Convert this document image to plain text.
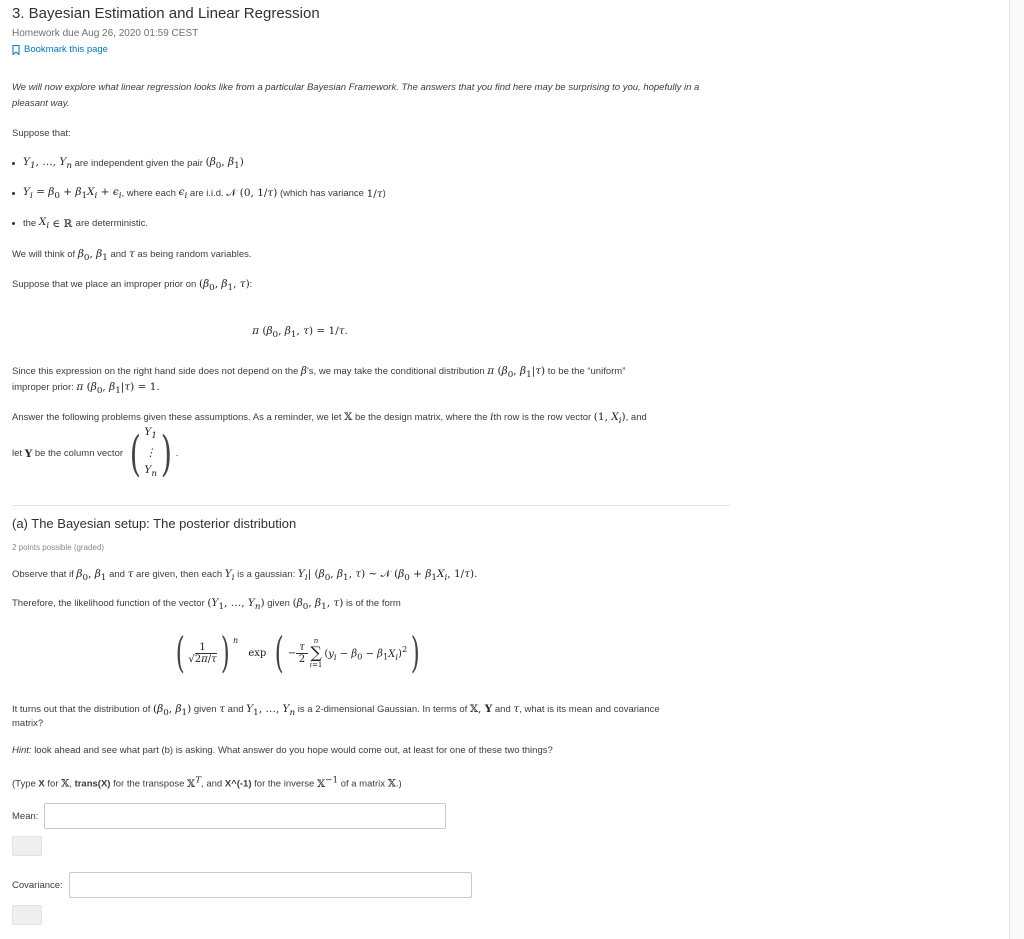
3. Bayesian Estimation and Linear Regression
Homework due Aug 26, 2020 01:59 CEST
Bookmark this page
We will now explore what linear regression looks like from a particular Bayesian Framework. The answers that you find here may be surprising to you, hopefully in a pleasant way.
Suppose that:
$Y_1$, …, $Y_n$
are independent given the pair
($\beta_0$, $\beta_1$)
$Y_i = \beta_0 + \beta_1X_i + \epsilon_i$ , where each
$\epsilon_i$
are i.i.d.
𝒩 (0, 1/τ)
(which has variance
1/τ )
the
$X_i$ ∈ ℝ are deterministic.
We will think of $\beta_0$, $\beta_1$ and τ as being random variables.
Suppose that we place an improper prior on ($\beta_0$, $\beta_1$, τ):
π ($\beta_0$, $\beta_1$, τ) = 1/τ.
Since this expression on the right hand side does not depend on the β's, we may take the conditional distribution π ($\beta_0$, $\beta_1|\tau$) to be the “uniform”
improper prior: π ($\beta_0$, $\beta_1|\tau) = 1$.
Answer the following problems given these assumptions. As a reminder, we let 𝕏 be the design matrix, where the ith row is the row vector (1, $X_i$), and
let
Y
be the column vector
( $Y_1$
⋮
$Y_n$ ) .
(a) The Bayesian setup: The posterior distribution
2 points possible (graded)
Observe that if $\beta_0$, $\beta_1$ and τ are given, then each $Y_i$ is a gaussian: $Y_i|$ ($\beta_0$, $\beta_1$, τ) ∼ 𝒩 ($\beta_0 + \beta_1X_i$, 1/τ).
Therefore, the likelihood function of the vector ($Y_1$, …, $Y_n$) given ($\beta_0$, $\beta_1$, τ) is of the form
( $\frac{1}{√2\pi/\tau}$ ) $^n$

exp
( − $\frac{\tau}{2}$
n
∑
i=1
$(y_i - \beta_0 - \beta_1X_i)^2$ )
It turns out that the distribution of ($\beta_0$, $\beta_1$) given τ and $Y_1$, …, $Y_n$ is a 2-dimensional Gaussian. In terms of 𝕏, Y and τ, what is its mean and covariance
matrix?
Hint: look ahead and see what part (b) is asking. What answer do you hope would come out, at least for one of these two things?
(Type X for 𝕏, trans(X) for the transpose 𝕏$^T$, and X^(-1) for the inverse 𝕏$^{-1}$ of a matrix 𝕏.)
Mean:
Covariance:
